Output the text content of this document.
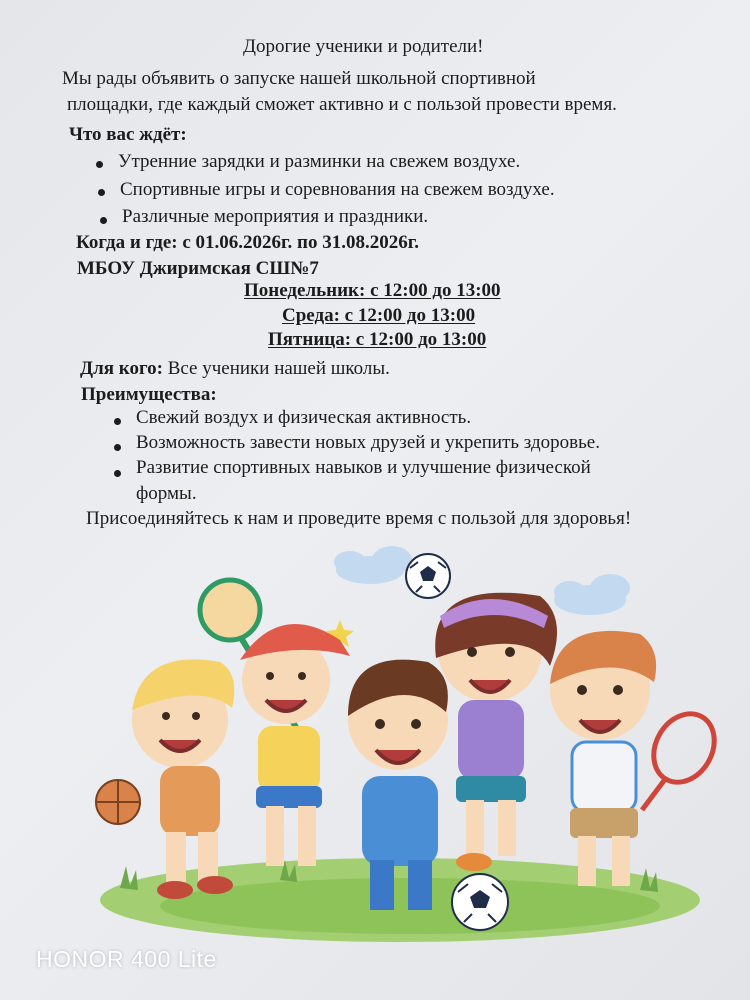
Дорогие ученики и родители!
Мы рады объявить о запуске нашей школьной спортивной
площадки, где каждый сможет активно и с пользой провести время.
Что вас ждёт:
Утренние зарядки и разминки на свежем воздухе.
Спортивные игры и соревнования на свежем воздухе.
Различные мероприятия и праздники.
Когда и где: с 01.06.2026г. по 31.08.2026г.
МБОУ Джиримская СШ№7
Понедельник: с 12:00 до 13:00
Среда: с 12:00 до 13:00
Пятница: с 12:00 до 13:00
Для кого: Все ученики нашей школы.
Преимущества:
Свежий воздух и физическая активность.
Возможность завести новых друзей и укрепить здоровье.
Развитие спортивных навыков и улучшение физической
формы.
Присоединяйтесь к нам и проведите время с пользой для здоровья!
HONOR 400 Lite
